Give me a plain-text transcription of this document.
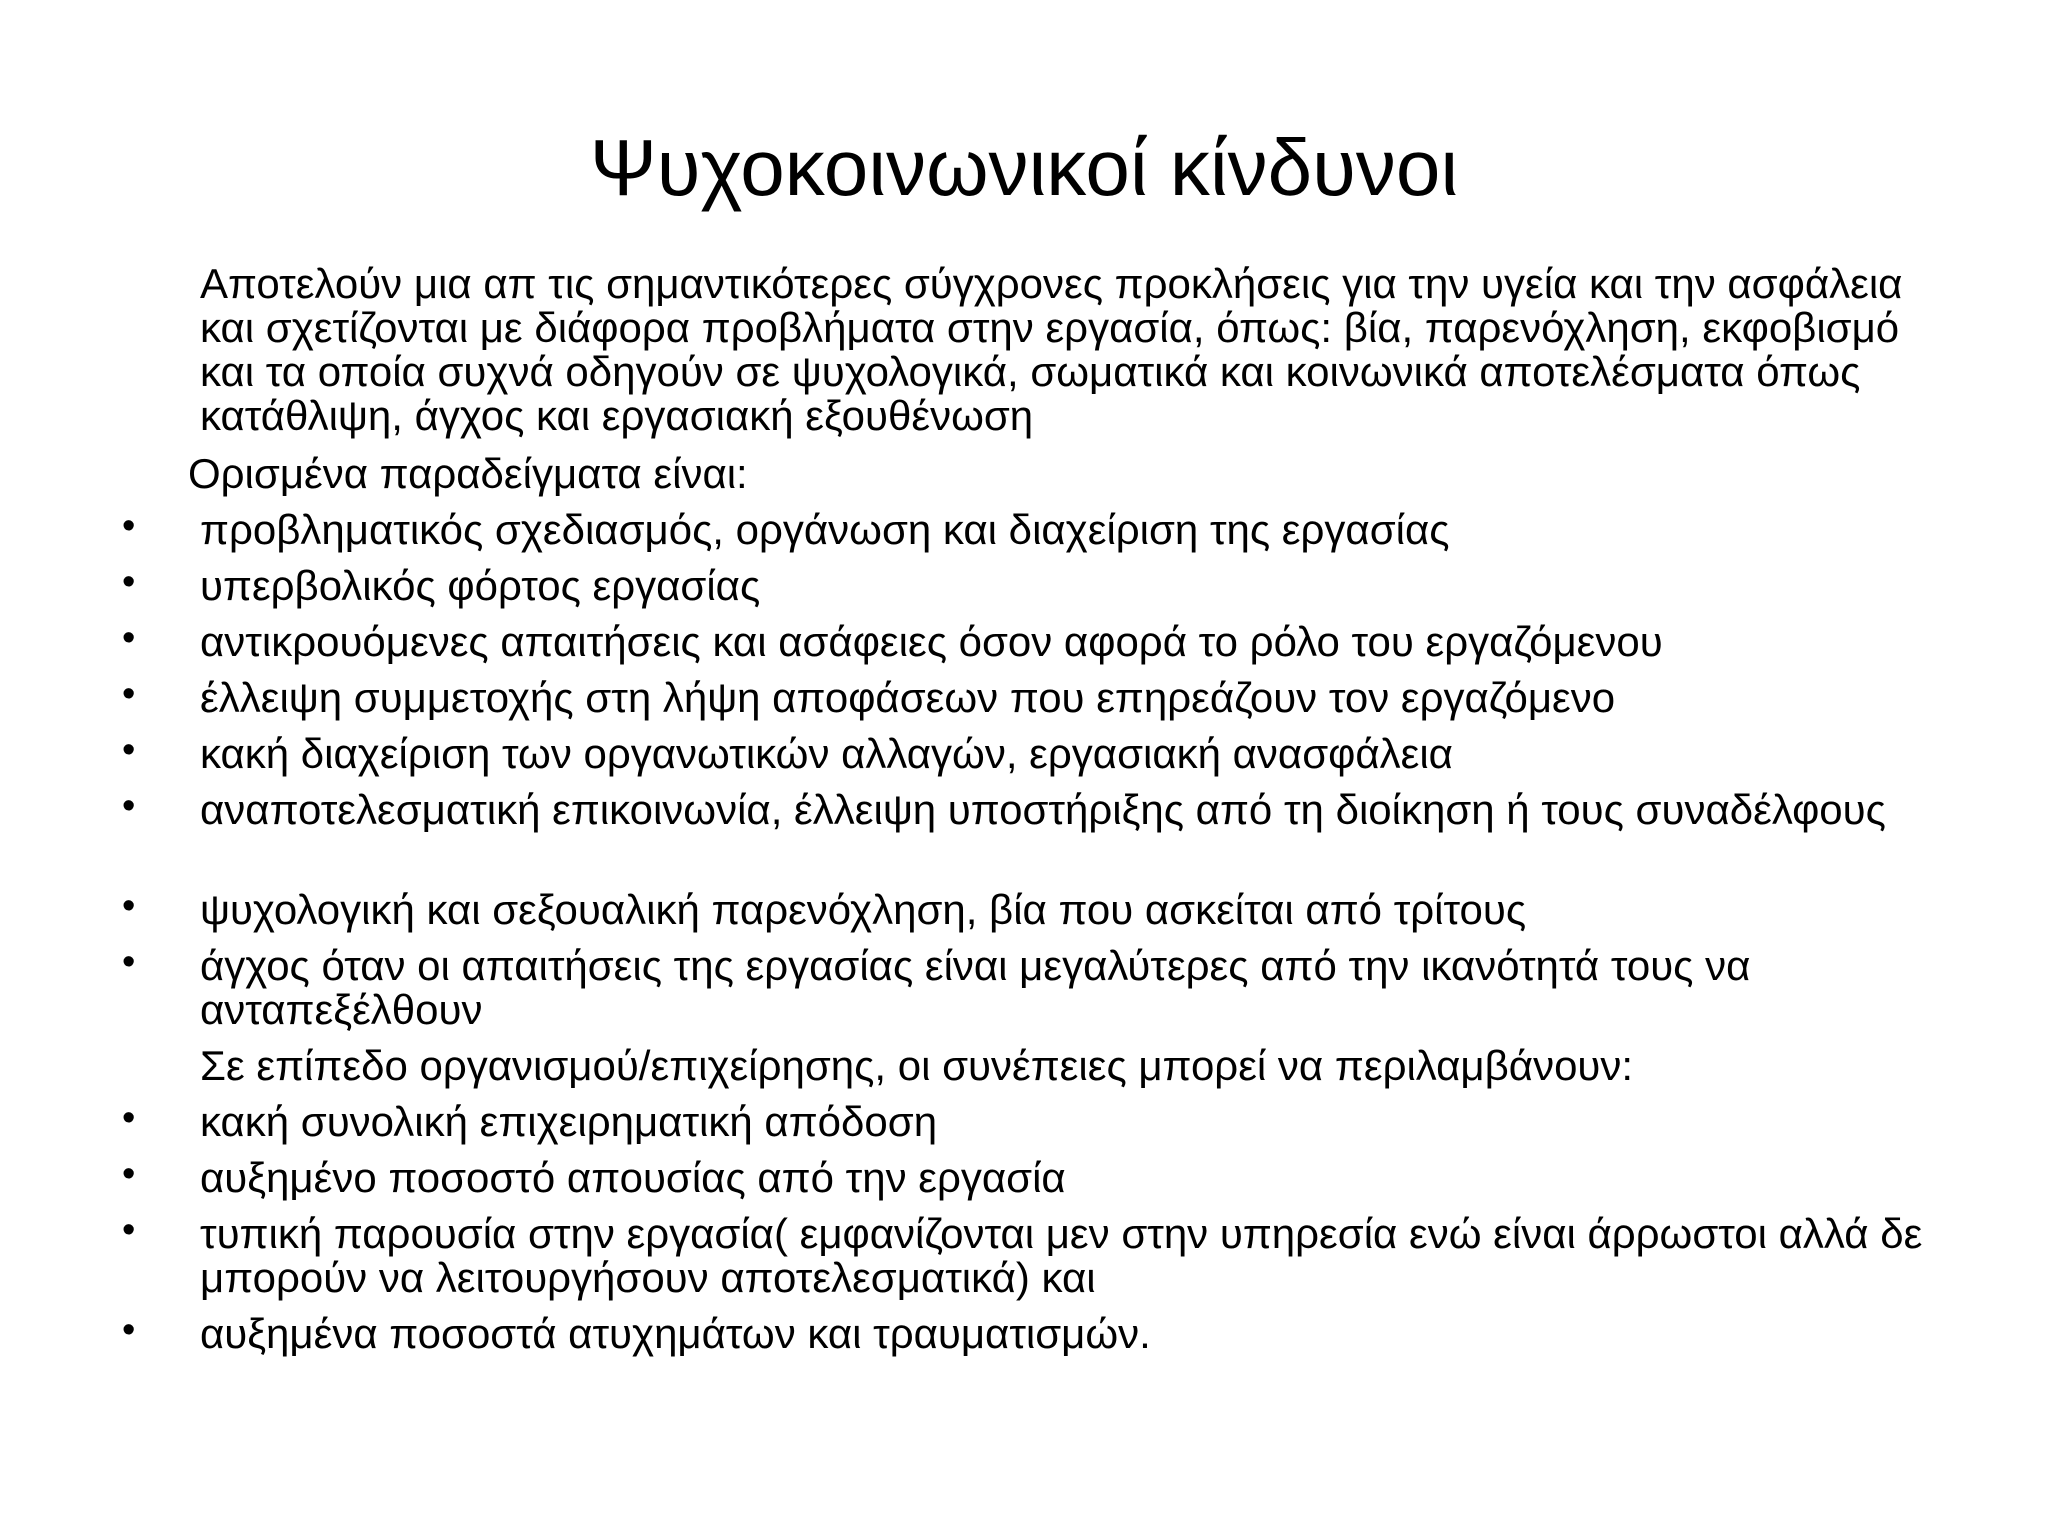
Ψυχοκοινωνικοί κίνδυνοι

Αποτελούν μια απ τις σημαντικότερες σύγχρονες προκλήσεις για την υγεία και την ασφάλεια και σχετίζονται με διάφορα προβλήματα στην εργασία, όπως: βία, παρενόχληση, εκφοβισμό και τα οποία συχνά οδηγούν σε ψυχολογικά, σωματικά και κοινωνικά αποτελέσματα όπως κατάθλιψη, άγχος και εργασιακή εξουθένωση

Ορισμένα παραδείγματα είναι:

• προβληματικός σχεδιασμός, οργάνωση και διαχείριση της εργασίας
• υπερβολικός φόρτος εργασίας
• αντικρουόμενες απαιτήσεις και ασάφειες όσον αφορά το ρόλο του εργαζόμενου
• έλλειψη συμμετοχής στη λήψη αποφάσεων που επηρεάζουν τον εργαζόμενο
• κακή διαχείριση των οργανωτικών αλλαγών, εργασιακή ανασφάλεια
• αναποτελεσματική επικοινωνία, έλλειψη υποστήριξης από τη διοίκηση ή τους συναδέλφους
• ψυχολογική και σεξουαλική παρενόχληση, βία που ασκείται από τρίτους
• άγχος όταν οι απαιτήσεις της εργασίας είναι μεγαλύτερες από την ικανότητά τους να ανταπεξέλθουν

Σε επίπεδο οργανισμού/επιχείρησης, οι συνέπειες μπορεί να περιλαμβάνουν:

• κακή συνολική επιχειρηματική απόδοση
• αυξημένο ποσοστό απουσίας από την εργασία
• τυπική παρουσία στην εργασία( εμφανίζονται μεν στην υπηρεσία ενώ είναι άρρωστοι αλλά δε μπορούν να λειτουργήσουν αποτελεσματικά) και
• αυξημένα ποσοστά ατυχημάτων και τραυματισμών.
